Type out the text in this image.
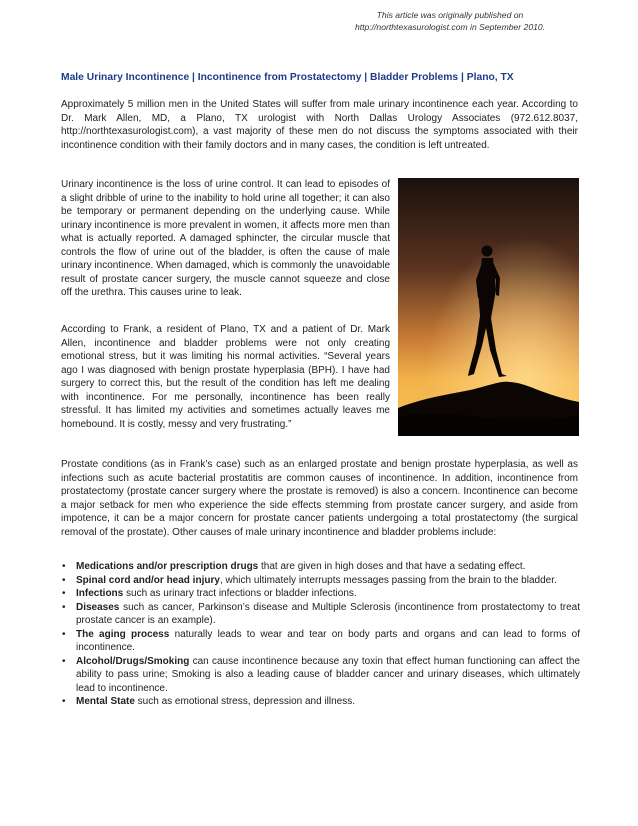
This article was originally published on
http://northtexasurologist.com in September 2010.
Male Urinary Incontinence | Incontinence from Prostatectomy | Bladder Problems | Plano, TX

Approximately 5 million men in the United States will suffer from male urinary incontinence each year. According to Dr. Mark Allen, MD, a Plano, TX urologist with North Dallas Urology Associates (972.612.8037, http://northtexasurologist.com), a vast majority of these men do not discuss the symptoms associated with their incontinence condition with their family doctors and in many cases, the condition is left untreated.

Urinary incontinence is the loss of urine control. It can lead to episodes of a slight dribble of urine to the inability to hold urine all together; it can also be temporary or permanent depending on the underlying cause. While urinary incontinence is more prevalent in women, it affects more men than what is actually reported. A damaged sphincter, the circular muscle that controls the flow of urine out of the bladder, is often the cause of male urinary incontinence. When damaged, which is commonly the unavoidable result of prostate cancer surgery, the muscle cannot squeeze and close off the urethra. This causes urine to leak.

According to Frank, a resident of Plano, TX and a patient of Dr. Mark Allen, incontinence and bladder problems were not only creating emotional stress, but it was limiting his normal activities. “Several years ago I was diagnosed with benign prostate hyperplasia (BPH). I have had surgery to correct this, but the result of the condition has left me dealing with incontinence. For me personally, incontinence has been really stressful. It has limited my activities and sometimes actually leaves me homebound. It is costly, messy and very frustrating.”

Prostate conditions (as in Frank’s case) such as an enlarged prostate and benign prostate hyperplasia, as well as infections such as acute bacterial prostatitis are common causes of incontinence. In addition, incontinence from prostatectomy (prostate cancer surgery where the prostate is removed) is also a concern. Incontinence can become a major setback for men who experience the side effects stemming from prostate cancer surgery, and aside from impotence, it can be a major concern for prostate cancer patients undergoing a total prostatectomy (the surgical removal of the prostate). Other causes of male urinary incontinence and bladder problems include:

• Medications and/or prescription drugs that are given in high doses and that have a sedating effect.
• Spinal cord and/or head injury, which ultimately interrupts messages passing from the brain to the bladder.
• Infections such as urinary tract infections or bladder infections.
• Diseases such as cancer, Parkinson’s disease and Multiple Sclerosis (incontinence from prostatectomy to treat prostate cancer is an example).
• The aging process naturally leads to wear and tear on body parts and organs and can lead to forms of incontinence.
• Alcohol/Drugs/Smoking can cause incontinence because any toxin that effect human functioning can affect the ability to pass urine; Smoking is also a leading cause of bladder cancer and urinary diseases, which ultimately lead to incontinence.
• Mental State such as emotional stress, depression and illness.
